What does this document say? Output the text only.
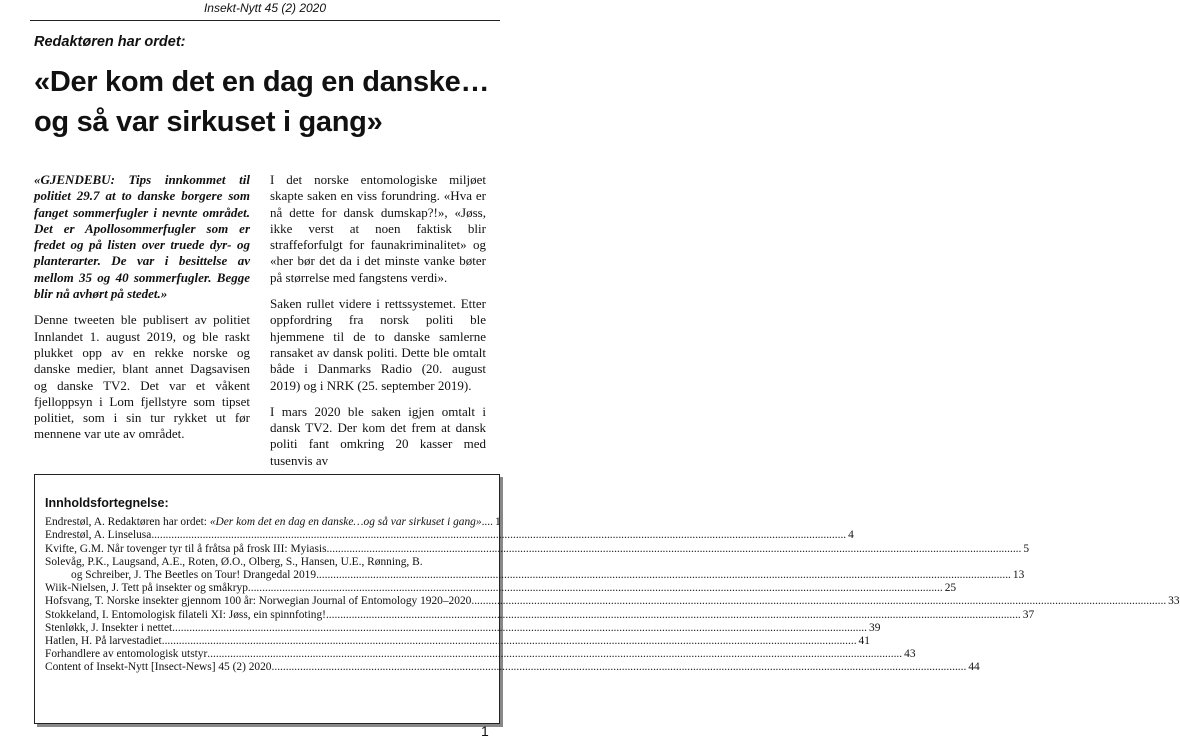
Insekt-Nytt 45 (2) 2020
Redaktøren har ordet:
«Der kom det en dag en danske…
og så var sirkuset i gang»

«GJENDEBU: Tips innkommet til politiet 29.7 at to danske borgere som fanget sommerfugler i nevnte området. Det er Apollosommerfugler som er fredet og på listen over truede dyr- og planterarter. De var i besittelse av mellom 35 og 40 sommerfugler. Begge blir nå avhørt på stedet.»

Denne tweeten ble publisert av politiet Innlandet 1. august 2019, og ble raskt plukket opp av en rekke norske og danske medier, blant annet Dagsavisen og danske TV2. Det var et våkent fjelloppsyn i Lom fjellstyre som tipset politiet, som i sin tur rykket ut før mennene var ute av området.

I det norske entomologiske miljøet skapte saken en viss forundring. «Hva er nå dette for dansk dumskap?!», «Jøss, ikke verst at noen faktisk blir straffeforfulgt for faunakriminalitet» og «her bør det da i det minste vanke bøter på størrelse med fangstens verdi».

Saken rullet videre i rettssystemet. Etter oppfordring fra norsk politi ble hjemmene til de to danske samlerne ransaket av dansk politi. Dette ble omtalt både i Danmarks Radio (20. august 2019) og i NRK (25. september 2019).

I mars 2020 ble saken igjen omtalt i dansk TV2. Der kom det frem at dansk politi fant omkring 20 kasser med tusenvis av

Innholdsfortegnelse:
Endrestøl, A. Redaktøren har ordet: «Der kom det en dag en danske…og så var sirkuset i gang».... 1
Endrestøl, A. Linselusa .....	4
Kvifte, G.M. Når tovenger tyr til å fråtsa på frosk III: Myiasis .....	5
Solevåg, P.K., Laugsand, A.E., Roten, Ø.O., Olberg, S., Hansen, U.E., Rønning, B.
og Schreiber, J. The Beetles on Tour! Drangedal 2019 .....	13
Wiik-Nielsen, J. Tett på insekter og småkryp .....	25
Hofsvang, T. Norske insekter gjennom 100 år: Norwegian Journal of Entomology 1920–2020 .....	33
Stokkeland, I. Entomologisk filateli XI: Jøss, ein spinnfoting! .....	37
Stenløkk, J. Insekter i nettet .....	39
Hatlen, H. På larvestadiet .....	41
Forhandlere av entomologisk utstyr .....	43
Content of Insekt-Nytt [Insect-News] 45 (2) 2020 .....	44
1
